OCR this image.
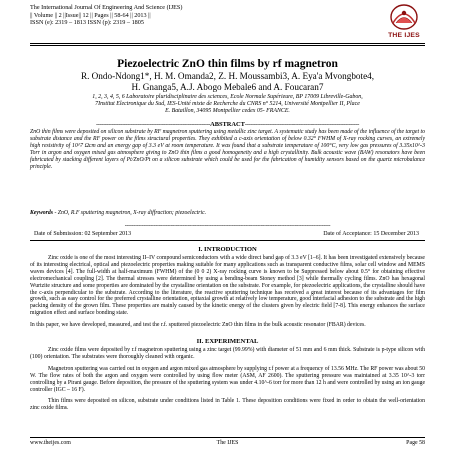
The International Journal Of Engineering And Science (IJES)
|| Volume || 2 ||Issue|| 12 || Pages || 58-64 || 2013 ||
ISSN (e): 2319 – 1813 ISSN (p): 2319 – 1805
THE IJES
Piezoelectric ZnO thin films by rf magnetron
R. Ondo-Ndong1*, H. M. Omanda2, Z. H. Moussambi3, A. Eya'a Mvongbote4,
H. Gnanga5, A.J. Abogo Mebale6 and A. Foucaran7
1, 2, 3, 4, 5, 6 Laboratoire pluridisciplinaire des sciences, Ecole Normale Supérieure, BP 17009 Libreville-Gabon,
7Institut Electronique du Sud, IES-Unité mixte de Recherche du CNRS n° 5214, Université Montpellier II, Place
E. Bataillon, 34095 Montpellier cedex 05- FRANCE.
------------------------------------------------------------------ABSTRACT------------------------------------------------------------------
ZnO thin films were deposited on silicon substrate by RF magnetron sputtering using metallic zinc target. A systematic study has been made of the influence of the target to substrate distance and the RF power on the films structural properties. They exhibited a c-axis orientation of below 0.32° FWHM of X-ray rocking curves, an extremely high resistivity of 10^7 Ωcm and an energy gap of 3.3 eV at room temperature. It was found that a substrate temperature of 100°C, very low gas pressures of 3.35x10^-3 Torr in argon and oxygen mixed gas atmosphere giving to ZnO thin films a good homogeneity and a high crystallinity. Bulk acoustic wave (BAW) resonators have been fabricated by stacking different layers of Pt/ZnO/Pt on a silicon substrate which could be used for the fabrication of humidity sensors based on the quartz microbalance principle.
Keywords - ZnO, R.F sputtering magnetron, X-ray diffraction; piezoelectric.
-------------------------------------------------------------------------------------------------------------------------
Date of Submission: 02 September 2013	Date of Acceptance: 15 December 2013
I. INTRODUCTION

Zinc oxide is one of the most interesting II–IV compound semiconductors with a wide direct band gap of 3.3 eV [1–6]. It has been investigated extensively because of its interesting electrical, optical and piezoelectric properties making suitable for many applications such as transparent conductive films, solar cell window and MEMS waves devices [4]. The full-width at half-maximum (FWHM) of the (0 0 2) X-ray rocking curve is known to be Suppressed below about 0.5° for obtaining effective electromechanical coupling [2]. The thermal stresses were determined by using a bending-beam Stoney method [3] while thermally cycling films. ZnO has hexagonal Wurtzite structure and some properties are dominated by the crystalline orientation on the substrate. For example, for piezoelectric applications, the crystalline should have the c-axis perpendicular to the substrate. According to the literature, the reactive sputtering technique has received a great interest because of its advantages for film growth, such as easy control for the preferred crystalline orientation, epitaxial growth at relatively low temperature, good interfacial adhesion to the substrate and the high packing density of the grown film. These properties are mainly caused by the kinetic energy of the clusters given by electric field [7-8]. This energy enhances the surface migration effect and surface bonding state.

In this paper, we have developed, measured, and test the r.f. sputtered piezoelectric ZnO thin films in the bulk acoustic resonator (FBAR) devices.

II. EXPERIMENTAL

Zinc oxide films were deposited by r.f magnetron sputtering using a zinc target (99.99%) with diameter of 51 mm and 6 mm thick. Substrate is p-type silicon with (100) orientation. The substrates were thoroughly cleaned with organic.

Magnetron sputtering was carried out in oxygen and argon mixed gas atmosphere by supplying r.f power at a frequency of 13.56 MHz. The RF power was about 50 W. The flow rates of both the argon and oxygen were controlled by using flow meter (ASM, AF 2600). The sputtering pressure was maintained at 3.35 10^-3 torr controlling by a Pirani gauge. Before deposition, the pressure of the sputtering system was under 4.10^-6 torr for more than 12 h and were controlled by using an ion gauge controller (IGC – 16 F).

Thin films were deposited on silicon, substrate under conditions listed in Table 1. These deposition conditions were fixed in order to obtain the well-orientation zinc oxide films.

www.theijes.com	The IJES	Page 58
